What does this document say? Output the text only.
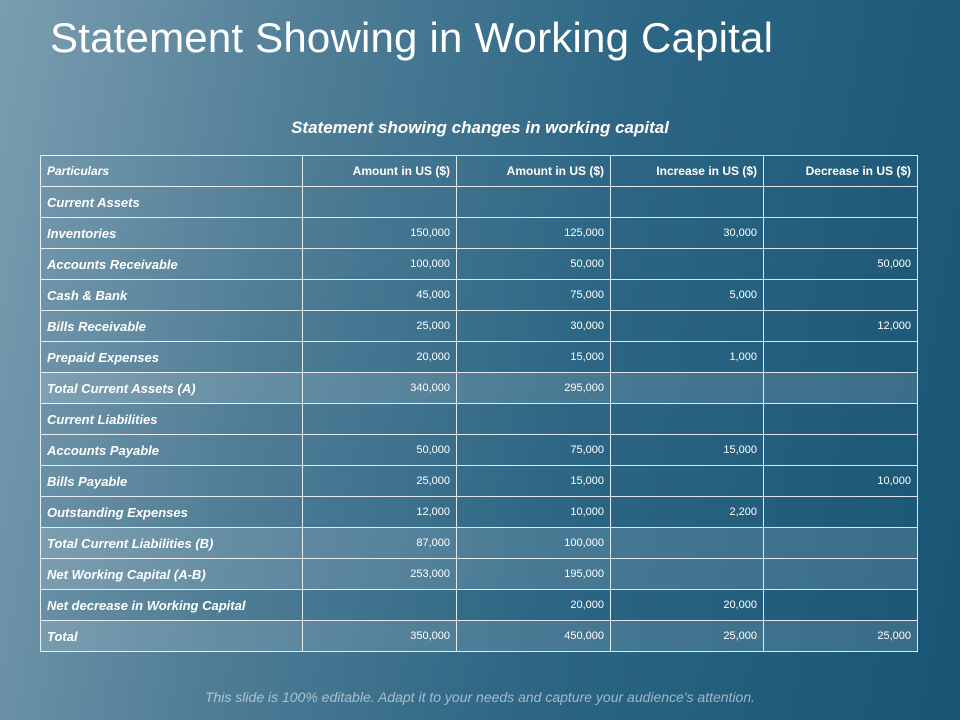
Statement Showing in Working Capital
Statement showing changes in working capital
Particulars	Amount in US ($)	Amount in US ($)	Increase in US ($)	Decrease in US ($)
Current Assets				
Inventories	150,000	125,000	30,000	
Accounts Receivable	100,000	50,000		50,000
Cash & Bank	45,000	75,000	5,000	
Bills Receivable	25,000	30,000		12,000
Prepaid Expenses	20,000	15,000	1,000	
Total Current Assets (A)	340,000	295,000		
Current Liabilities				
Accounts Payable	50,000	75,000	15,000	
Bills Payable	25,000	15,000		10,000
Outstanding Expenses	12,000	10,000	2,200	
Total Current Liabilities (B)	87,000	100,000		
Net Working Capital (A-B)	253,000	195,000		
Net decrease in Working Capital		20,000	20,000	
Total	350,000	450,000	25,000	25,000
This slide is 100% editable. Adapt it to your needs and capture your audience's attention.
